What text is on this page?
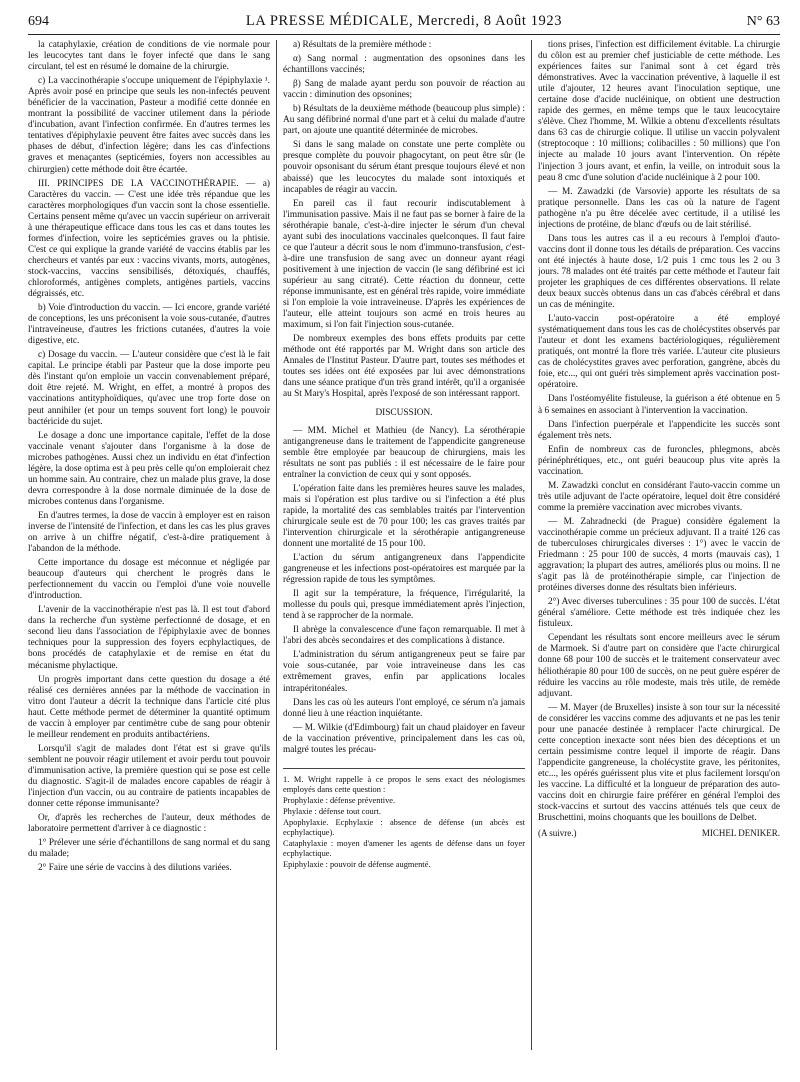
694	LA PRESSE MÉDICALE, Mercredi, 8 Août 1923	N° 63

la cataphylaxie, création de conditions de vie normale pour les leucocytes tant dans le foyer infecté que dans le sang circulant, tel est en résumé le domaine de la chirurgie.

c) La vaccinothérapie s'occupe uniquement de l'épiphylaxie ¹. Après avoir posé en principe que seuls les non-infectés peuvent bénéficier de la vaccination, Pasteur a modifié cette donnée en montrant la possibilité de vacciner utilement dans la période d'incubation, avant l'infection confirmée. En d'autres termes les tentatives d'épiphylaxie peuvent être faites avec succès dans les phases de début, d'infection légère; dans les cas d'infections graves et menaçantes (septicémies, foyers non accessibles au chirurgien) cette méthode doit être écartée.

III. PRINCIPES DE LA VACCINOTHÉRAPIE. — a) Caractères du vaccin. — C'est une idée très répandue que les caractères morphologiques d'un vaccin sont la chose essentielle. Certains pensent même qu'avec un vaccin supérieur on arriverait à une thérapeutique efficace dans tous les cas et dans toutes les formes d'infection, voire les septicémies graves ou la phtisie. C'est ce qui explique la grande variété de vaccins établis par les chercheurs et vantés par eux : vaccins vivants, morts, autogènes, stock-vaccins, vaccins sensibilisés, détoxiqués, chauffés, chloroformés, antigènes complets, antigènes partiels, vaccins dégraissés, etc.

b) Voie d'introduction du vaccin. — Ici encore, grande variété de conceptions, les uns préconisent la voie sous-cutanée, d'autres l'intraveineuse, d'autres les frictions cutanées, d'autres la voie digestive, etc.

c) Dosage du vaccin. — L'auteur considère que c'est là le fait capital. Le principe établi par Pasteur que la dose importe peu dès l'instant qu'on emploie un vaccin convenablement préparé, doit être rejeté. M. Wright, en effet, a montré à propos des vaccinations antityphoïdiques, qu'avec une trop forte dose on peut annihiler (et pour un temps souvent fort long) le pouvoir bactéricide du sujet.

Le dosage a donc une importance capitale, l'effet de la dose vaccinale venant s'ajouter dans l'organisme à la dose de microbes pathogènes. Aussi chez un individu en état d'infection légère, la dose optima est à peu près celle qu'on emploierait chez un homme sain. Au contraire, chez un malade plus grave, la dose devra correspondre à la dose normale diminuée de la dose de microbes contenus dans l'organisme.

En d'autres termes, la dose de vaccin à employer est en raison inverse de l'intensité de l'infection, et dans les cas les plus graves on arrive à un chiffre négatif, c'est-à-dire pratiquement à l'abandon de la méthode.

Cette importance du dosage est méconnue et négligée par beaucoup d'auteurs qui cherchent le progrès dans le perfectionnement du vaccin ou l'emploi d'une voie nouvelle d'introduction.

L'avenir de la vaccinothérapie n'est pas là. Il est tout d'abord dans la recherche d'un système perfectionné de dosage, et en second lieu dans l'association de l'épiphylaxie avec de bonnes techniques pour la suppression des foyers ecphylactiques, de bons procédés de cataphylaxie et de remise en état du mécanisme phylactique.

Un progrès important dans cette question du dosage a été réalisé ces dernières années par la méthode de vaccination in vitro dont l'auteur a décrit la technique dans l'article cité plus haut. Cette méthode permet de déterminer la quantité optimum de vaccin à employer par centimètre cube de sang pour obtenir le meilleur rendement en produits antibactériens.

Lorsqu'il s'agit de malades dont l'état est si grave qu'ils semblent ne pouvoir réagir utilement et avoir perdu tout pouvoir d'immunisation active, la première question qui se pose est celle du diagnostic. S'agit-il de malades encore capables de réagir à l'injection d'un vaccin, ou au contraire de patients incapables de donner cette réponse immunisante?

Or, d'après les recherches de l'auteur, deux méthodes de laboratoire permettent d'arriver à ce diagnostic :

1° Prélever une série d'échantillons de sang normal et du sang du malade;

2° Faire une série de vaccins à des dilutions variées.

a) Résultats de la première méthode :

α) Sang normal : augmentation des opsonines dans les échantillons vaccinés;

β) Sang de malade ayant perdu son pouvoir de réaction au vaccin : diminution des opsonines;

b) Résultats de la deuxième méthode (beaucoup plus simple) : Au sang défibriné normal d'une part et à celui du malade d'autre part, on ajoute une quantité déterminée de microbes.

Si dans le sang malade on constate une perte complète ou presque complète du pouvoir phagocytant, on peut être sûr (le pouvoir opsonisant du sérum étant presque toujours élevé et non abaissé) que les leucocytes du malade sont intoxiqués et incapables de réagir au vaccin.

En pareil cas il faut recourir indiscutablement à l'immunisation passive. Mais il ne faut pas se borner à faire de la sérothérapie banale, c'est-à-dire injecter le sérum d'un cheval ayant subi des inoculations vaccinales quelconques. Il faut faire ce que l'auteur a décrit sous le nom d'immuno-transfusion, c'est-à-dire une transfusion de sang avec un donneur ayant réagi positivement à une injection de vaccin (le sang défibriné est ici supérieur au sang citraté). Cette réaction du donneur, cette réponse immunisante, est en général très rapide, voire immédiate si l'on emploie la voie intraveineuse. D'après les expériences de l'auteur, elle atteint toujours son acmé en trois heures au maximum, si l'on fait l'injection sous-cutanée.

De nombreux exemples des bons effets produits par cette méthode ont été rapportés par M. Wright dans son article des Annales de l'Institut Pasteur. D'autre part, toutes ses méthodes et toutes ses idées ont été exposées par lui avec démonstrations dans une séance pratique d'un très grand intérêt, qu'il a organisée au St Mary's Hospital, après l'exposé de son intéressant rapport.

DISCUSSION.

— MM. Michel et Mathieu (de Nancy). La sérothérapie antigangreneuse dans le traitement de l'appendicite gangreneuse semble être employée par beaucoup de chirurgiens, mais les résultats ne sont pas publiés : il est nécessaire de le faire pour entraîner la conviction de ceux qui y sont opposés.

L'opération faite dans les premières heures sauve les malades, mais si l'opération est plus tardive ou si l'infection a été plus rapide, la mortalité des cas semblables traités par l'intervention chirurgicale seule est de 70 pour 100; les cas graves traités par l'intervention chirurgicale et la sérothérapie antigangreneuse donnent une mortalité de 15 pour 100.

L'action du sérum antigangreneux dans l'appendicite gangreneuse et les infections post-opératoires est marquée par la régression rapide de tous les symptômes.

Il agit sur la température, la fréquence, l'irrégularité, la mollesse du pouls qui, presque immédiatement après l'injection, tend à se rapprocher de la normale.

Il abrège la convalescence d'une façon remarquable. Il met à l'abri des abcès secondaires et des complications à distance.

L'administration du sérum antigangreneux peut se faire par voie sous-cutanée, par voie intraveineuse dans les cas extrêmement graves, enfin par applications locales intrapéritonéales.

Dans les cas où les auteurs l'ont employé, ce sérum n'a jamais donné lieu à une réaction inquiétante.

— M. Wilkie (d'Edimbourg) fait un chaud plaidoyer en faveur de la vaccination préventive, principalement dans les cas où, malgré toutes les précau-

1. M. Wright rappelle à ce propos le sens exact des néologismes employés dans cette question :

Prophylaxie : défense préventive.

Phylaxie : défense tout court.

Apophylaxie. Ecphylaxie : absence de défense (un abcès est ecphylactique).

Cataphylaxie : moyen d'amener les agents de défense dans un foyer ecphylactique.

Epiphylaxie : pouvoir de défense augmenté.

tions prises, l'infection est difficilement évitable. La chirurgie du côlon est au premier chef justiciable de cette méthode. Les expériences faites sur l'animal sont à cet égard très démonstratives. Avec la vaccination préventive, à laquelle il est utile d'ajouter, 12 heures avant l'inoculation septique, une certaine dose d'acide nucléinique, on obtient une destruction rapide des germes, en même temps que le taux leucocytaire s'élève. Chez l'homme, M. Wilkie a obtenu d'excellents résultats dans 63 cas de chirurgie colique. Il utilise un vaccin polyvalent (streptocoque : 10 millions; colibacilles : 50 millions) que l'on injecte au malade 10 jours avant l'intervention. On répète l'injection 3 jours avant, et enfin, la veille, on introduit sous la peau 8 cmc d'une solution d'acide nucléinique à 2 pour 100.

— M. Zawadzki (de Varsovie) apporte les résultats de sa pratique personnelle. Dans les cas où la nature de l'agent pathogène n'a pu être décelée avec certitude, il a utilisé les injections de protéine, de blanc d'œufs ou de lait stérilisé.

Dans tous les autres cas il a eu recours à l'emploi d'auto-vaccins dont il donne tous les détails de préparation. Ces vaccins ont été injectés à haute dose, 1/2 puis 1 cmc tous les 2 ou 3 jours. 78 malades ont été traités par cette méthode et l'auteur fait projeter les graphiques de ces différentes observations. Il relate deux beaux succès obtenus dans un cas d'abcès cérébral et dans un cas de méningite.

L'auto-vaccin post-opératoire a été employé systématiquement dans tous les cas de cholécystites observés par l'auteur et dont les examens bactériologiques, régulièrement pratiqués, ont montré la flore très variée. L'auteur cite plusieurs cas de cholécystites graves avec perforation, gangrène, abcès du foie, etc..., qui ont guéri très simplement après vaccination post-opératoire.

Dans l'ostéomyélite fistuleuse, la guérison a été obtenue en 5 à 6 semaines en associant à l'intervention la vaccination.

Dans l'infection puerpérale et l'appendicite les succès sont également très nets.

Enfin de nombreux cas de furoncles, phlegmons, abcès périnéphrétiques, etc., ont guéri beaucoup plus vite après la vaccination.

M. Zawadzki conclut en considérant l'auto-vaccin comme un très utile adjuvant de l'acte opératoire, lequel doit être considéré comme la première vaccination avec microbes vivants.

— M. Zahradnecki (de Prague) considère également la vaccinothérapie comme un précieux adjuvant. Il a traité 126 cas de tuberculoses chirurgicales diverses : 1°) avec le vaccin de Friedmann : 25 pour 100 de succès, 4 morts (mauvais cas), 1 aggravation; la plupart des autres, améliorés plus ou moins. Il ne s'agit pas là de protéinothérapie simple, car l'injection de protéines diverses donne des résultats bien inférieurs.

2°) Avec diverses tuberculines : 35 pour 100 de succès. L'état général s'améliore. Cette méthode est très indiquée chez les fistuleux.

Cependant les résultats sont encore meilleurs avec le sérum de Marmoek. Si d'autre part on considère que l'acte chirurgical donne 68 pour 100 de succès et le traitement conservateur avec héliothérapie 80 pour 100 de succès, on ne peut guère espérer de réduire les vaccins au rôle modeste, mais très utile, de remède adjuvant.

— M. Mayer (de Bruxelles) insiste à son tour sur la nécessité de considérer les vaccins comme des adjuvants et ne pas les tenir pour une panacée destinée à remplacer l'acte chirurgical. De cette conception inexacte sont nées bien des déceptions et un certain pessimisme contre lequel il importe de réagir. Dans l'appendicite gangreneuse, la cholécystite grave, les péritonites, etc..., les opérés guérissent plus vite et plus facilement lorsqu'on les vaccine. La difficulté et la longueur de préparation des auto-vaccins doit en chirurgie faire préférer en général l'emploi des stock-vaccins et surtout des vaccins atténués tels que ceux de Bruschettini, moins choquants que les bouillons de Delbet.

(A suivre.)	MICHEL DENIKER.
